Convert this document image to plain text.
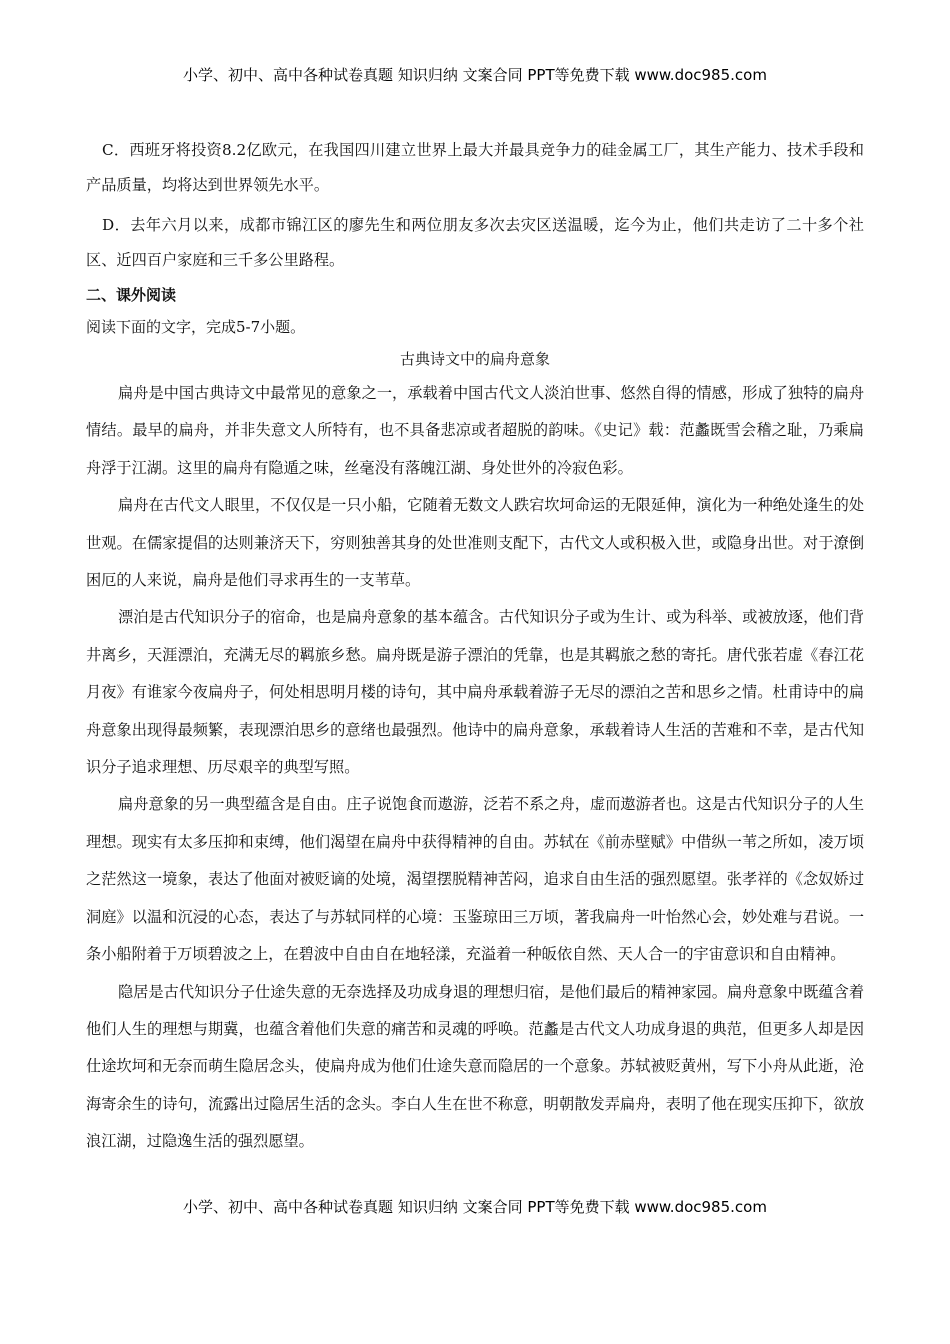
小学、初中、高中各种试卷真题 知识归纳 文案合同 PPT等免费下载 www.doc985.com

C．西班牙将投资8.2亿欧元，在我国四川建立世界上最大并最具竞争力的硅金属工厂，其生产能力、技术手段和产品质量，均将达到世界领先水平。

D．去年六月以来，成都市锦江区的廖先生和两位朋友多次去灾区送温暖，迄今为止，他们共走访了二十多个社区、近四百户家庭和三千多公里路程。

二、课外阅读

阅读下面的文字，完成5-7小题。

古典诗文中的扁舟意象

扁舟是中国古典诗文中最常见的意象之一，承载着中国古代文人淡泊世事、悠然自得的情感，形成了独特的扁舟情结。最早的扁舟，并非失意文人所特有，也不具备悲凉或者超脱的韵味。《史记》载：范蠡既雪会稽之耻，乃乘扁舟浮于江湖。这里的扁舟有隐遁之味，丝毫没有落魄江湖、身处世外的冷寂色彩。

扁舟在古代文人眼里，不仅仅是一只小船，它随着无数文人跌宕坎坷命运的无限延伸，演化为一种绝处逢生的处世观。在儒家提倡的达则兼济天下，穷则独善其身的处世准则支配下，古代文人或积极入世，或隐身出世。对于潦倒困厄的人来说，扁舟是他们寻求再生的一支苇草。

漂泊是古代知识分子的宿命，也是扁舟意象的基本蕴含。古代知识分子或为生计、或为科举、或被放逐，他们背井离乡，天涯漂泊，充满无尽的羁旅乡愁。扁舟既是游子漂泊的凭靠，也是其羁旅之愁的寄托。唐代张若虚《春江花月夜》有谁家今夜扁舟子，何处相思明月楼的诗句，其中扁舟承载着游子无尽的漂泊之苦和思乡之情。杜甫诗中的扁舟意象出现得最频繁，表现漂泊思乡的意绪也最强烈。他诗中的扁舟意象，承载着诗人生活的苦难和不幸，是古代知识分子追求理想、历尽艰辛的典型写照。

扁舟意象的另一典型蕴含是自由。庄子说饱食而遨游，泛若不系之舟，虚而遨游者也。这是古代知识分子的人生理想。现实有太多压抑和束缚，他们渴望在扁舟中获得精神的自由。苏轼在《前赤壁赋》中借纵一苇之所如，凌万顷之茫然这一境象，表达了他面对被贬谪的处境，渴望摆脱精神苦闷，追求自由生活的强烈愿望。张孝祥的《念奴娇过洞庭》以温和沉浸的心态，表达了与苏轼同样的心境：玉鉴琼田三万顷，著我扁舟一叶怡然心会，妙处难与君说。一条小船附着于万顷碧波之上，在碧波中自由自在地轻漾，充溢着一种皈依自然、天人合一的宇宙意识和自由精神。

隐居是古代知识分子仕途失意的无奈选择及功成身退的理想归宿，是他们最后的精神家园。扁舟意象中既蕴含着他们人生的理想与期冀，也蕴含着他们失意的痛苦和灵魂的呼唤。范蠡是古代文人功成身退的典范，但更多人却是因仕途坎坷和无奈而萌生隐居念头，使扁舟成为他们仕途失意而隐居的一个意象。苏轼被贬黄州，写下小舟从此逝，沧海寄余生的诗句，流露出过隐居生活的念头。李白人生在世不称意，明朝散发弄扁舟，表明了他在现实压抑下，欲放浪江湖，过隐逸生活的强烈愿望。

小学、初中、高中各种试卷真题 知识归纳 文案合同 PPT等免费下载 www.doc985.com
